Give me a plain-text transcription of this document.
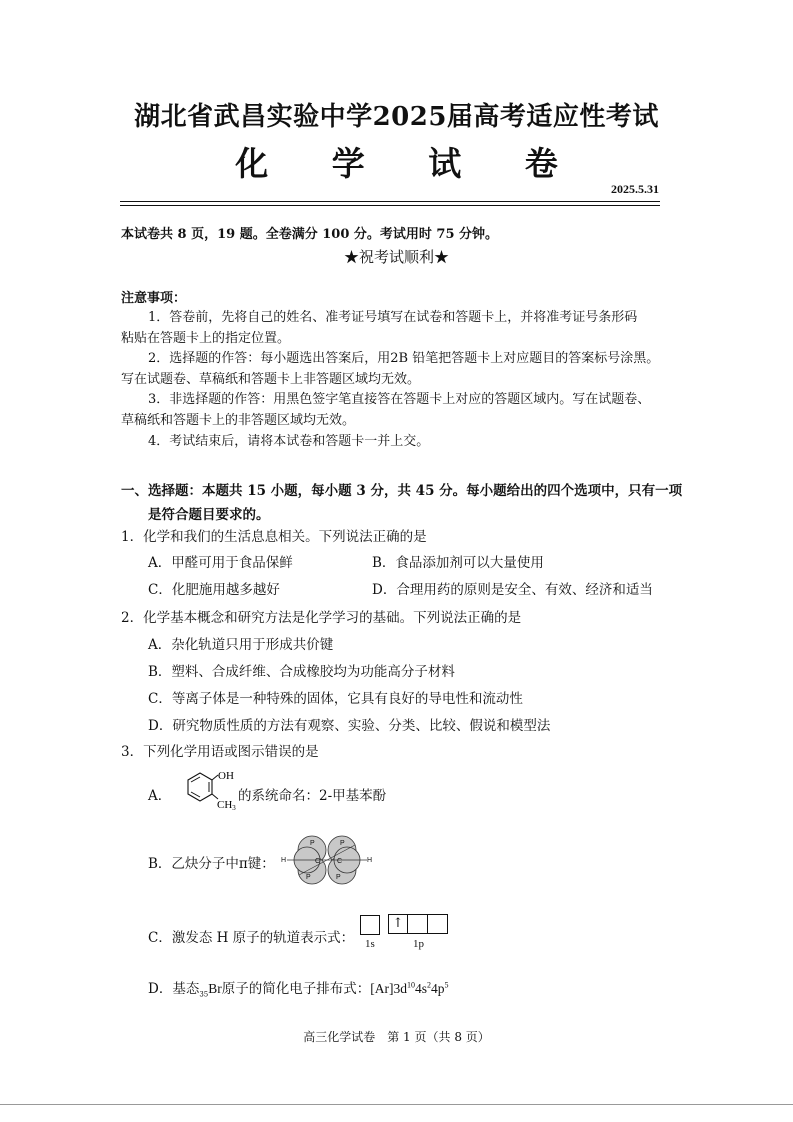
湖北省武昌实验中学2025届高考适应性考试
化 学 试 卷
2025.5.31
本试卷共 8 页，19 题。全卷满分 100 分。考试用时 75 分钟。
★祝考试顺利★
注意事项：
1．答卷前，先将自己的姓名、准考证号填写在试卷和答题卡上，并将准考证号条形码
粘贴在答题卡上的指定位置。
2．选择题的作答：每小题选出答案后，用2B 铅笔把答题卡上对应题目的答案标号涂黑。
写在试题卷、草稿纸和答题卡上非答题区域均无效。
3．非选择题的作答：用黑色签字笔直接答在答题卡上对应的答题区域内。写在试题卷、
草稿纸和答题卡上的非答题区域均无效。
4．考试结束后，请将本试卷和答题卡一并上交。
一、选择题：本题共 15 小题，每小题 3 分，共 45 分。每小题给出的四个选项中，只有一项
是符合题目要求的。
1．化学和我们的生活息息相关。下列说法正确的是
A．甲醛可用于食品保鲜	B．食品添加剂可以大量使用
C．化肥施用越多越好	D．合理用药的原则是安全、有效、经济和适当
2．化学基本概念和研究方法是化学学习的基础。下列说法正确的是
A．杂化轨道只用于形成共价键
B．塑料、合成纤维、合成橡胶均为功能高分子材料
C．等离子体是一种特殊的固体，它具有良好的导电性和流动性
D．研究物质性质的方法有观察、实验、分类、比较、假说和模型法
3．下列化学用语或图示错误的是
A．
OH
CH3
的系统命名：2-甲基苯酚
B．乙炔分子中π键：
P	P
P	P
C C
H	H
C．激发态 H 原子的轨道表示式：
↑
1s	1p
D．基态$_{35}$Br原子的简化电子排布式：$[Ar]3d^{10}4s^24p^5$
高三化学试卷　第 1 页（共 8 页）
